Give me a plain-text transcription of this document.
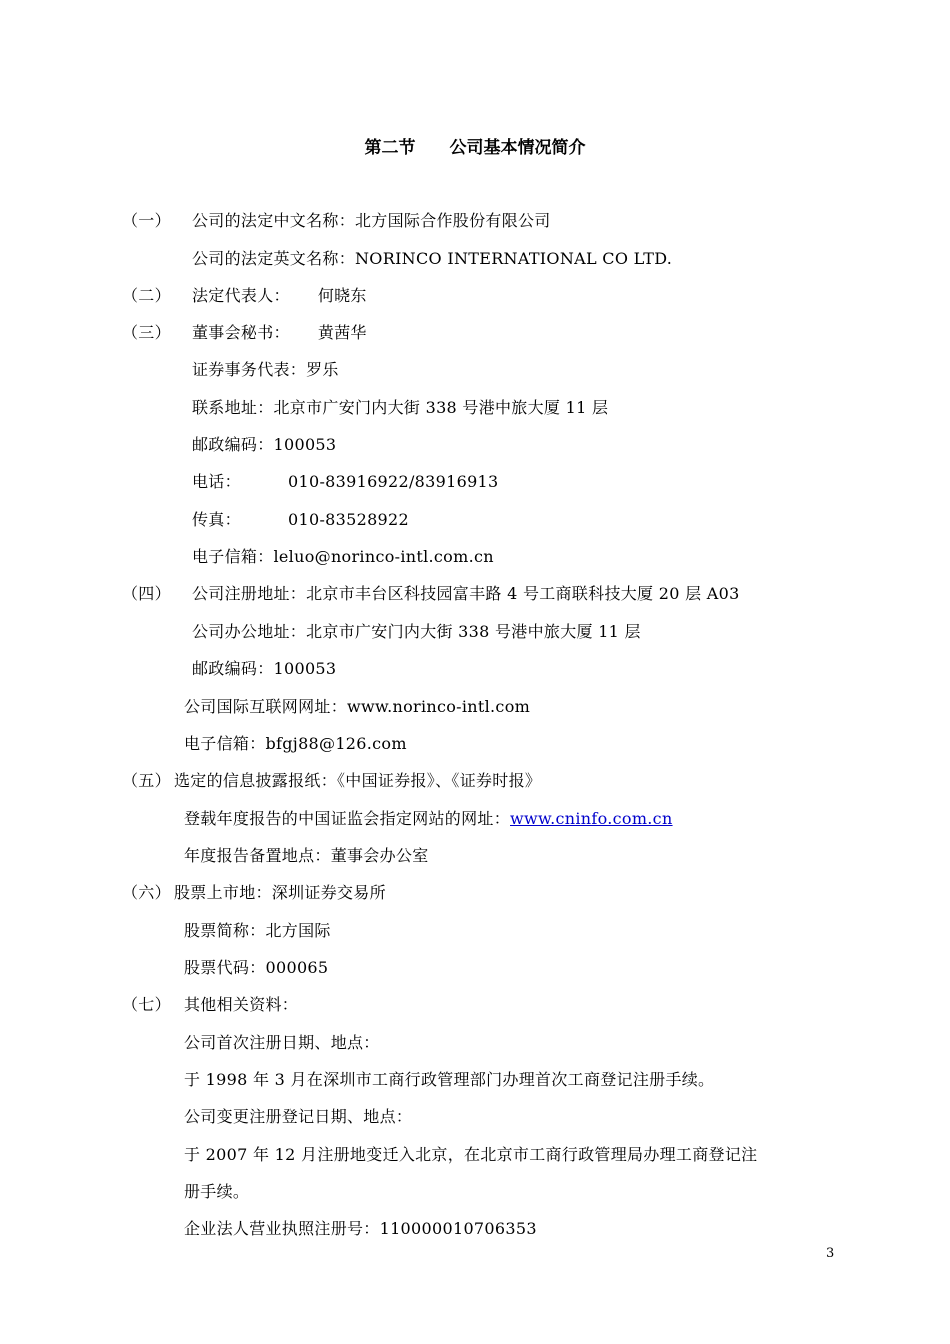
第二节 公司基本情况简介
（一） 公司的法定中文名称：北方国际合作股份有限公司
公司的法定英文名称：NORINCO INTERNATIONAL CO LTD.
（二） 法定代表人： 何晓东
（三） 董事会秘书： 黄茜华
证券事务代表：罗乐
联系地址：北京市广安门内大街 338 号港中旅大厦 11 层
邮政编码：100053
电话：	010-83916922/83916913
传真：	010-83528922
电子信箱：leluo@norinco-intl.com.cn
（四） 公司注册地址：北京市丰台区科技园富丰路 4 号工商联科技大厦 20 层 A03
公司办公地址：北京市广安门内大街 338 号港中旅大厦 11 层
邮政编码：100053
公司国际互联网网址：www.norinco-intl.com
电子信箱：bfgj88@126.com
（五） 选定的信息披露报纸：《中国证券报》、《证券时报》
登载年度报告的中国证监会指定网站的网址：www.cninfo.com.cn
年度报告备置地点：董事会办公室
（六） 股票上市地：深圳证券交易所
股票简称：北方国际
股票代码：000065
（七） 其他相关资料：
公司首次注册日期、地点：
于 1998 年 3 月在深圳市工商行政管理部门办理首次工商登记注册手续。
公司变更注册登记日期、地点：
于 2007 年 12 月注册地变迁入北京，在北京市工商行政管理局办理工商登记注
册手续。
企业法人营业执照注册号：110000010706353
3
